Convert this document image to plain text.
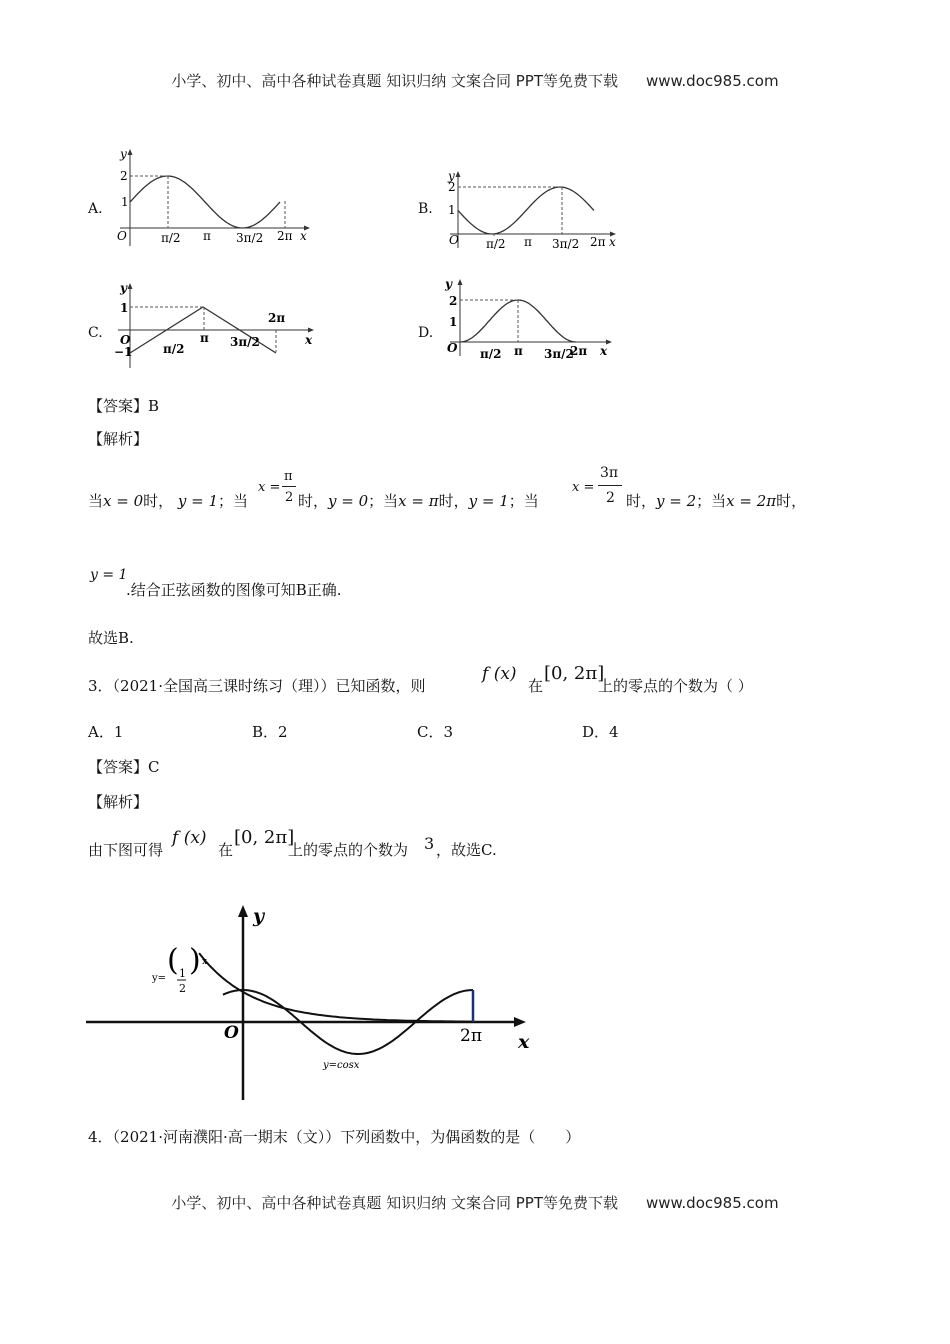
小学、初中、高中各种试卷真题 知识归纳 文案合同 PPT等免费下载 www.doc985.com
A.
y
2
1
O	π/2 π 3π/2 2π x
B.
y
2
1
O π/2 π 3π/2 2π x
C.
y
1
−1
O
π/2
π 3π/2
2π
x	D.
y
2
1
O π/2 π 3π/2
2π x
【答案】B
【解析】
当x = 0时， y = 1；当
x =
π
2 时，y = 0；当x = π时，y = 1；当
x =
3π
2 时，y = 2；当x = 2π时，
y = 1
.结合正弦函数的图像可知B正确.
故选B.
3．（2021·全国高三课时练习（理））已知函数，则
f (x)
在
[0, 2π]
上的零点的个数为（ ）
A．1	B．2	C．3	D．4
【答案】C
【解析】
由下图可得
f (x)
在
[0, 2π]
上的零点的个数为 3 ，故选C.
y
x
O	2π
y=
( 1
2
) x
y=cosx
4．（2021·河南濮阳·高一期末（文））下列函数中，为偶函数的是（　　）
小学、初中、高中各种试卷真题 知识归纳 文案合同 PPT等免费下载 www.doc985.com
